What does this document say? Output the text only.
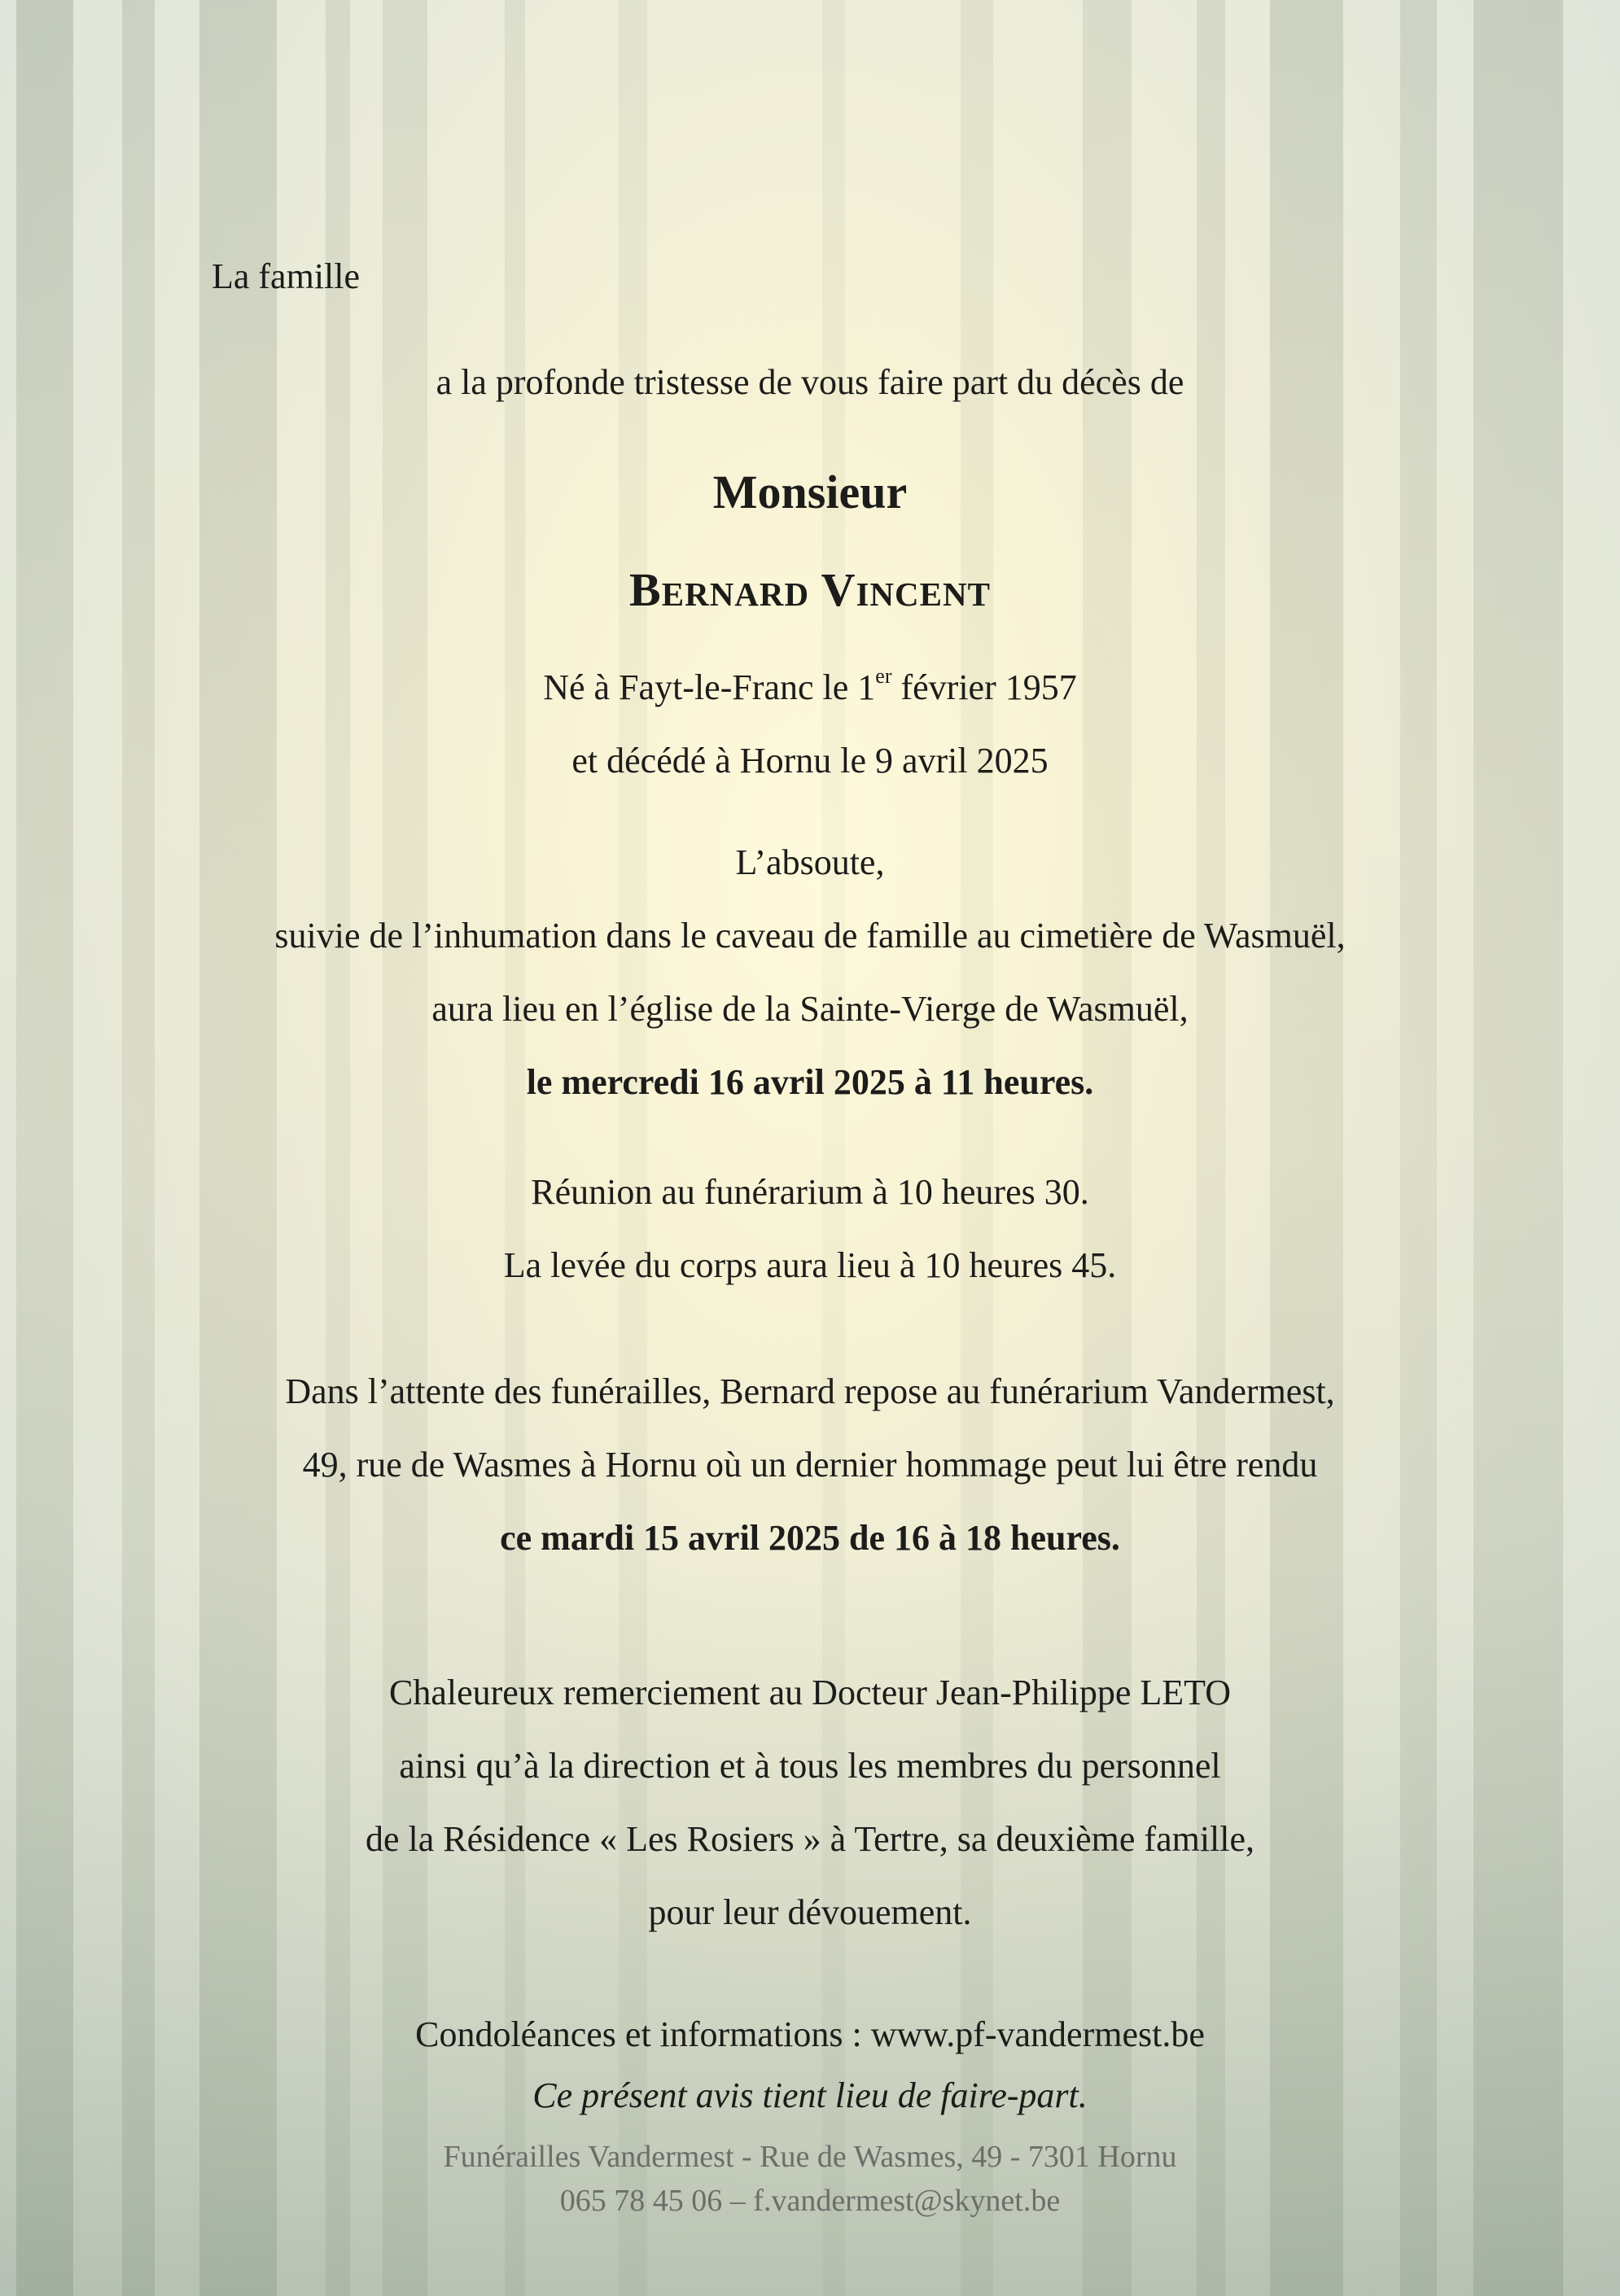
La famille
a la profonde tristesse de vous faire part du décès de
Monsieur
Bernard Vincent
Né à Fayt-le-Franc le 1er février 1957
et décédé à Hornu le 9 avril 2025
L’absoute,
suivie de l’inhumation dans le caveau de famille au cimetière de Wasmuël,
aura lieu en l’église de la Sainte-Vierge de Wasmuël,
le mercredi 16 avril 2025 à 11 heures.
Réunion au funérarium à 10 heures 30.
La levée du corps aura lieu à 10 heures 45.
Dans l’attente des funérailles, Bernard repose au funérarium Vandermest,
49, rue de Wasmes à Hornu où un dernier hommage peut lui être rendu
ce mardi 15 avril 2025 de 16 à 18 heures.
Chaleureux remerciement au Docteur Jean-Philippe LETO
ainsi qu’à la direction et à tous les membres du personnel
de la Résidence « Les Rosiers » à Tertre, sa deuxième famille,
pour leur dévouement.
Condoléances et informations : www.pf-vandermest.be
Ce présent avis tient lieu de faire-part.
Funérailles Vandermest - Rue de Wasmes, 49 - 7301 Hornu
065 78 45 06 – f.vandermest@skynet.be
